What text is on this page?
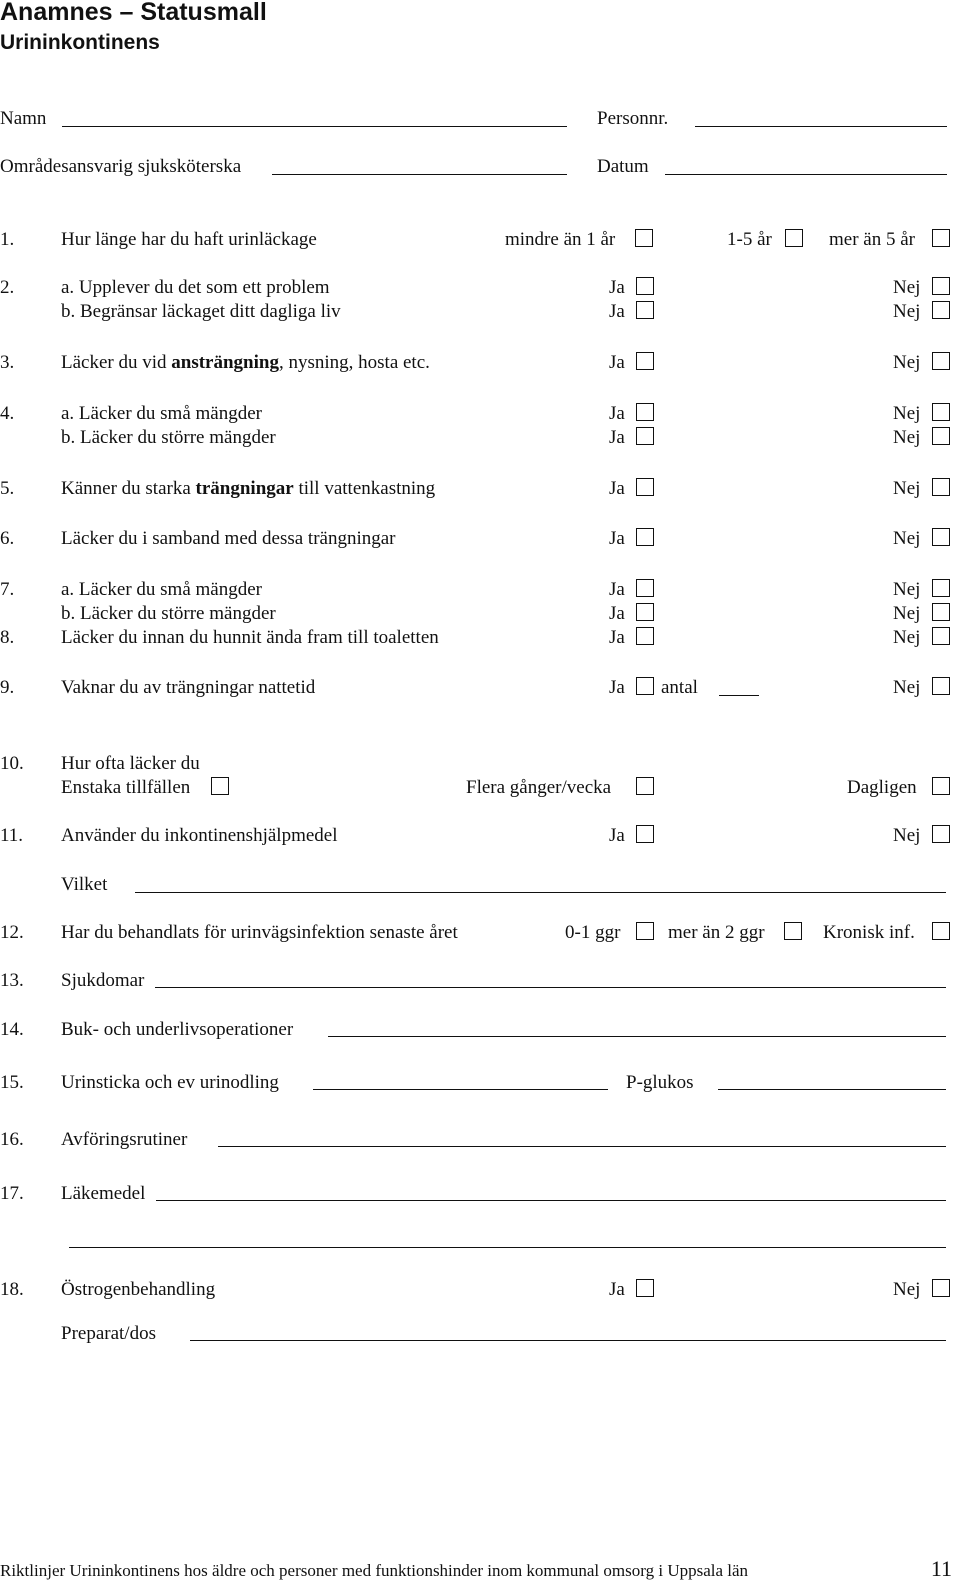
Anamnes – Statusmall
Urininkontinens
Namn	Personnr.
Områdesansvarig sjuksköterska	Datum
1. Hur länge har du haft urinläckage	mindre än 1 år	1-5 år	mer än 5 år
2. a. Upplever du det som ett problem	Ja	Nej
b. Begränsar läckaget ditt dagliga liv	Ja	Nej
3. Läcker du vid ansträngning, nysning, hosta etc.	Ja	Nej
4. a. Läcker du små mängder	Ja	Nej
b. Läcker du större mängder	Ja	Nej
5. Känner du starka trängningar till vattenkastning	Ja	Nej
6. Läcker du i samband med dessa trängningar	Ja	Nej
7. a. Läcker du små mängder	Ja	Nej
b. Läcker du större mängder	Ja	Nej
8. Läcker du innan du hunnit ända fram till toaletten	Ja	Nej
9. Vaknar du av trängningar nattetid	Ja antal	Nej
10. Hur ofta läcker du
Enstaka tillfällen	Flera gånger/vecka	Dagligen
11. Använder du inkontinenshjälpmedel	Ja	Nej
Vilket
12. Har du behandlats för urinvägsinfektion senaste året	0-1 ggr	mer än 2 ggr	Kronisk inf.
13. Sjukdomar
14. Buk- och underlivsoperationer
15. Urinsticka och ev urinodling	P-glukos
16. Avföringsrutiner
17. Läkemedel
18. Östrogenbehandling	Ja	Nej
Preparat/dos
Riktlinjer Urininkontinens hos äldre och personer med funktionshinder inom kommunal omsorg i Uppsala län	11
